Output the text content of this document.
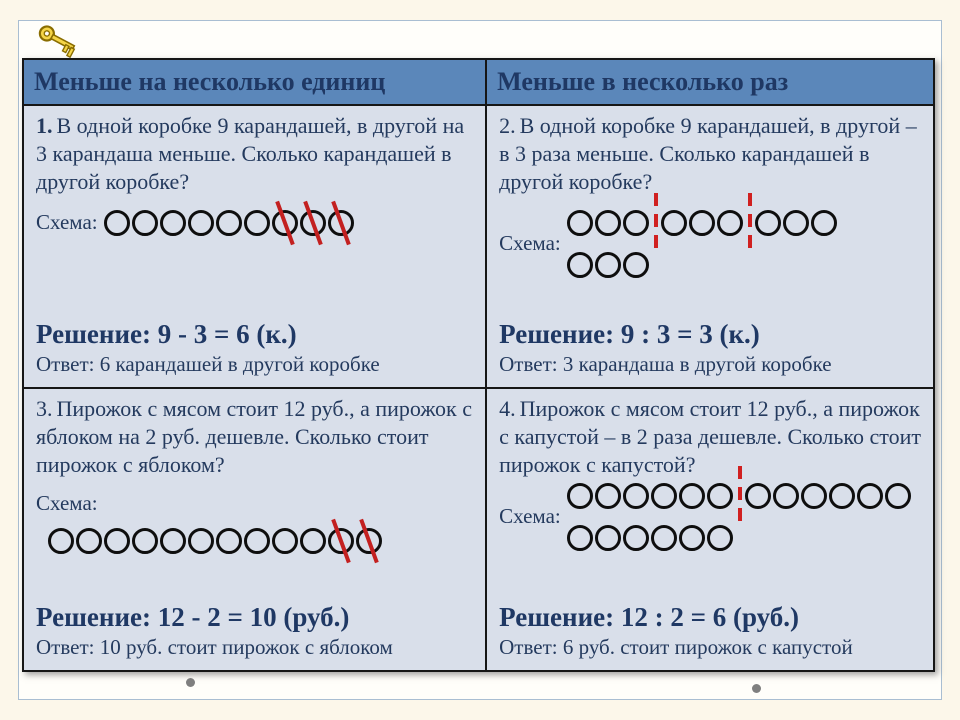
Меньше на несколько единиц	Меньше в несколько раз

1. В одной коробке 9 карандашей, в другой на 3 карандаша меньше. Сколько карандашей в другой коробке?

Схема:
Решение: 9 - 3 = 6 (к.)
Ответ: 6 карандашей в другой коробке

2. В одной коробке 9 карандашей, в другой – в 3 раза меньше. Сколько карандашей в другой коробке?

Схема:
Решение: 9 : 3 = 3 (к.)
Ответ: 3 карандаша в другой коробке

3. Пирожок с мясом стоит 12 руб., а пирожок с яблоком на 2 руб. дешевле. Сколько стоит пирожок с яблоком?

Схема:
Решение: 12 - 2 = 10 (руб.)
Ответ: 10 руб. стоит пирожок с яблоком

4. Пирожок с мясом стоит 12 руб., а пирожок с капустой – в 2 раза дешевле. Сколько стоит пирожок с капустой?

Схема:
Решение: 12 : 2 = 6 (руб.)
Ответ: 6 руб. стоит пирожок с капустой
